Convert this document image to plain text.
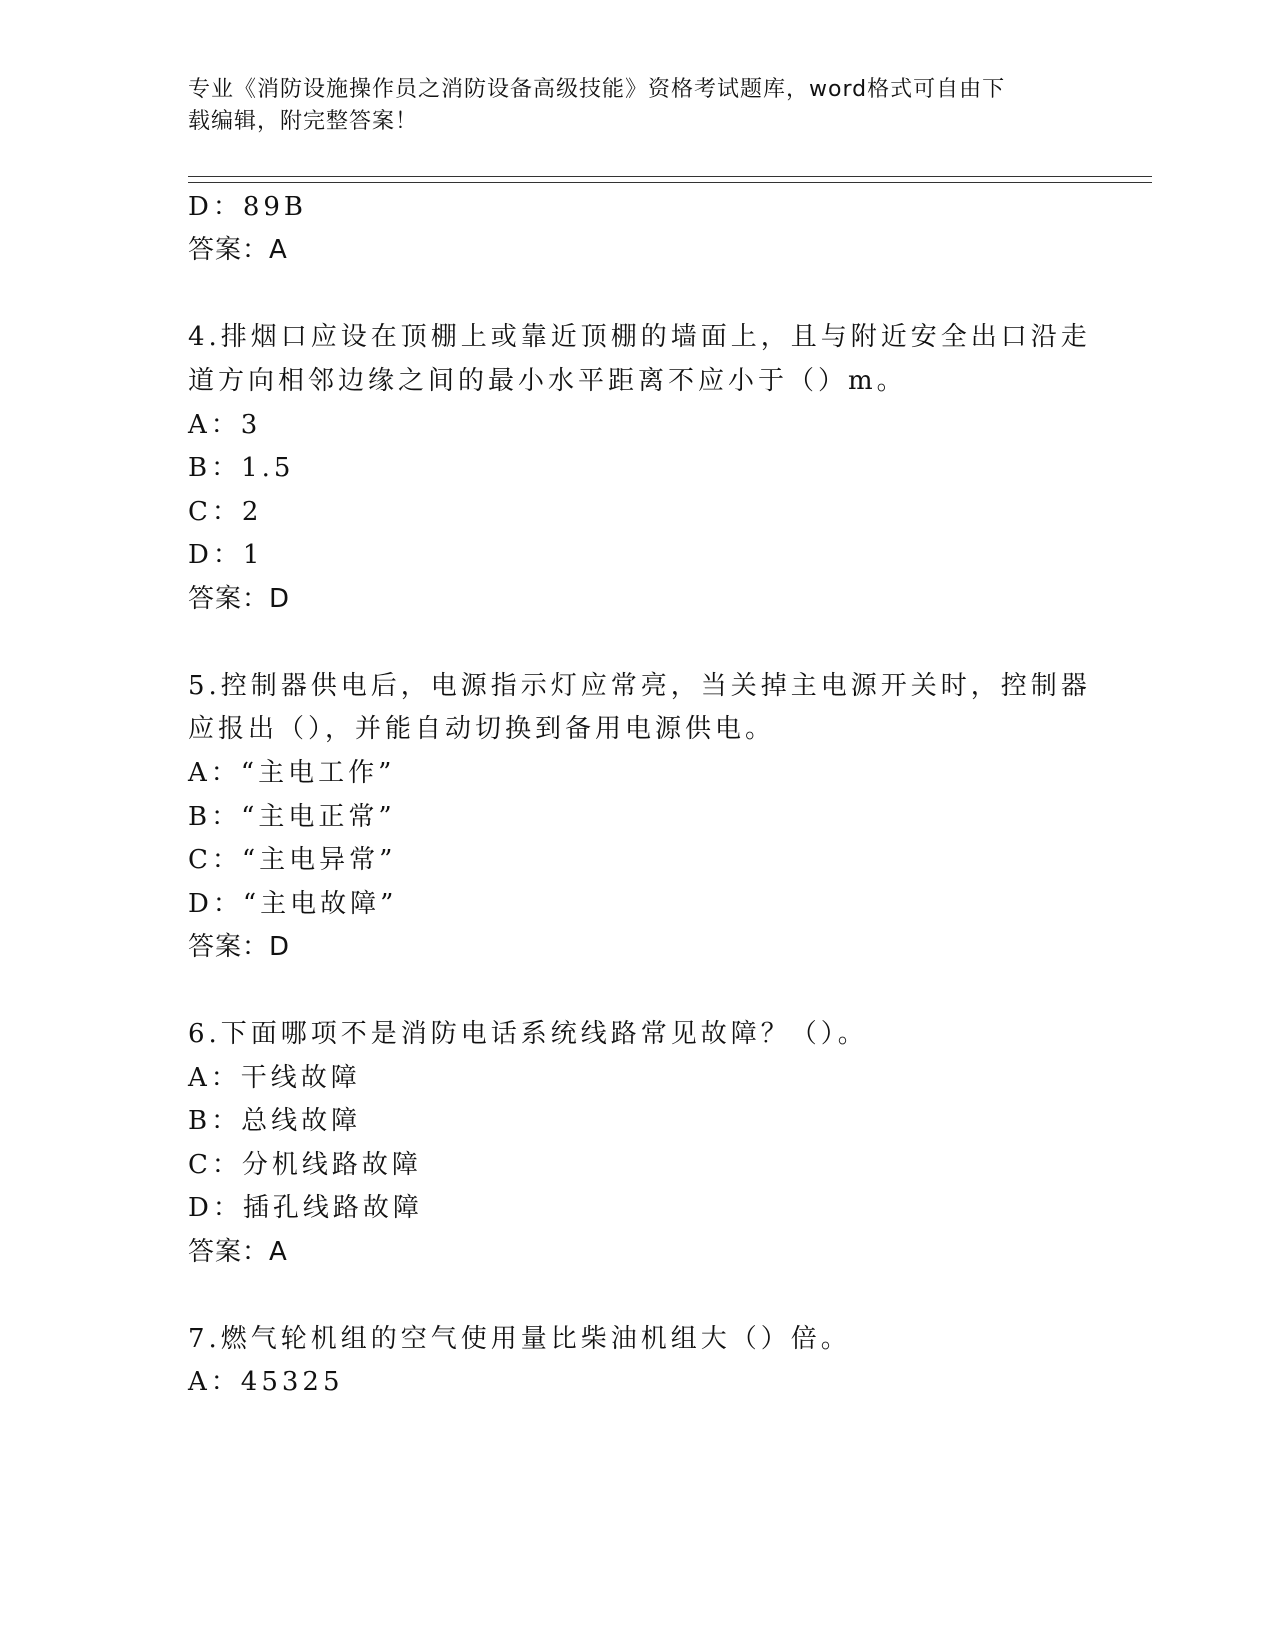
专业《消防设施操作员之消防设备高级技能》资格考试题库，word格式可自由下
载编辑，附完整答案！
D：89B
答案：A
4.排烟口应设在顶棚上或靠近顶棚的墙面上，且与附近安全出口沿走
道方向相邻边缘之间的最小水平距离不应小于（）m。
A：3
B：1.5
C：2
D：1
答案：D
5.控制器供电后，电源指示灯应常亮，当关掉主电源开关时，控制器
应报出（），并能自动切换到备用电源供电。
A：“主电工作”
B：“主电正常”
C：“主电异常”
D：“主电故障”
答案：D
6.下面哪项不是消防电话系统线路常见故障？（）。
A：干线故障
B：总线故障
C：分机线路故障
D：插孔线路故障
答案：A
7.燃气轮机组的空气使用量比柴油机组大（）倍。
A：45325
